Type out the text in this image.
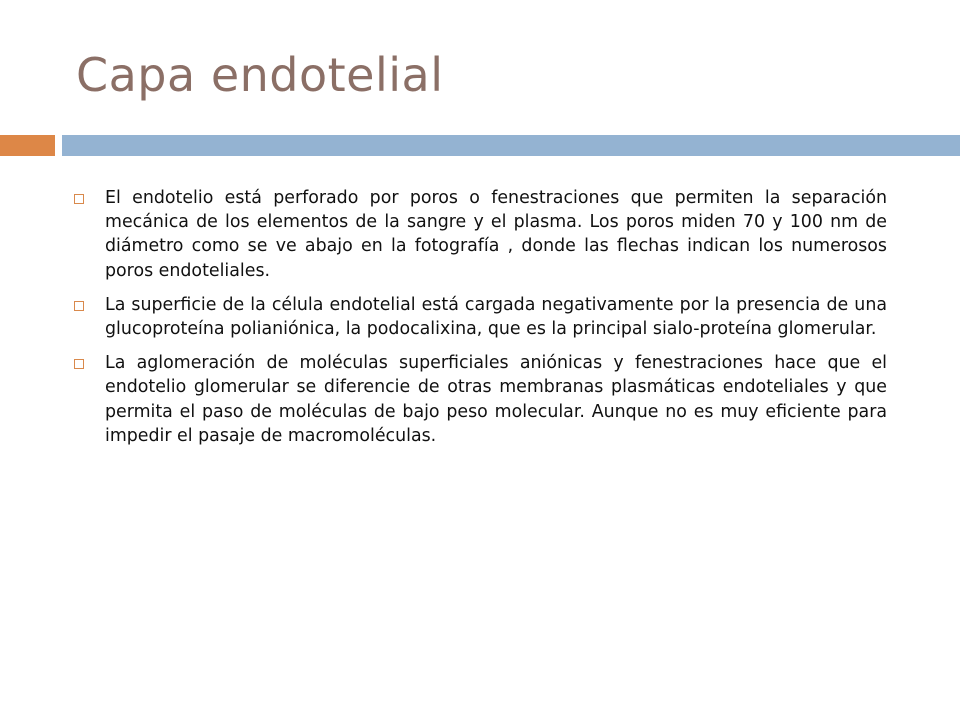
Capa endotelial
El endotelio está perforado por poros o fenestraciones que permiten la separación mecánica de los elementos de la sangre y el plasma. Los poros miden 70 y 100 nm de diámetro como se ve abajo en la fotografía , donde las flechas indican los numerosos poros endoteliales.
La superficie de la célula endotelial está cargada negativamente por la presencia de una glucoproteína polianiónica, la podocalixina, que es la principal sialo-proteína glomerular.
La aglomeración de moléculas superficiales aniónicas y fenestraciones hace que el endotelio glomerular se diferencie de otras membranas plasmáticas endoteliales y que permita el paso de moléculas de bajo peso molecular. Aunque no es muy eficiente para impedir el pasaje de macromoléculas.
